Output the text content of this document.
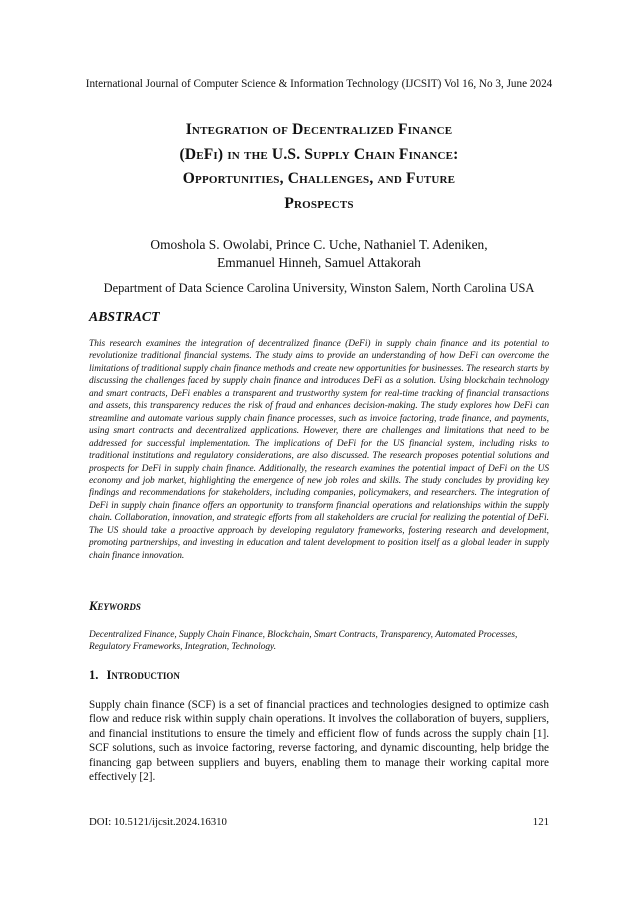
International Journal of Computer Science & Information Technology (IJCSIT) Vol 16, No 3, June 2024
Integration of Decentralized Finance
(DeFi) in the U.S. Supply Chain Finance:
Opportunities, Challenges, and Future
Prospects
Omoshola S. Owolabi, Prince C. Uche, Nathaniel T. Adeniken,
Emmanuel Hinneh, Samuel Attakorah
Department of Data Science Carolina University, Winston Salem, North Carolina USA
ABSTRACT
This research examines the integration of decentralized finance (DeFi) in supply chain finance and its potential to revolutionize traditional financial systems. The study aims to provide an understanding of how DeFi can overcome the limitations of traditional supply chain finance methods and create new opportunities for businesses. The research starts by discussing the challenges faced by supply chain finance and introduces DeFi as a solution. Using blockchain technology and smart contracts, DeFi enables a transparent and trustworthy system for real-time tracking of financial transactions and assets, this transparency reduces the risk of fraud and enhances decision-making. The study explores how DeFi can streamline and automate various supply chain finance processes, such as invoice factoring, trade finance, and payments, using smart contracts and decentralized applications. However, there are challenges and limitations that need to be addressed for successful implementation. The implications of DeFi for the US financial system, including risks to traditional institutions and regulatory considerations, are also discussed. The research proposes potential solutions and prospects for DeFi in supply chain finance. Additionally, the research examines the potential impact of DeFi on the US economy and job market, highlighting the emergence of new job roles and skills. The study concludes by providing key findings and recommendations for stakeholders, including companies, policymakers, and researchers. The integration of DeFi in supply chain finance offers an opportunity to transform financial operations and relationships within the supply chain. Collaboration, innovation, and strategic efforts from all stakeholders are crucial for realizing the potential of DeFi. The US should take a proactive approach by developing regulatory frameworks, fostering research and development, promoting partnerships, and investing in education and talent development to position itself as a global leader in supply chain finance innovation.
Keywords
Decentralized Finance, Supply Chain Finance, Blockchain, Smart Contracts, Transparency, Automated Processes, Regulatory Frameworks, Integration, Technology.
1. Introduction
Supply chain finance (SCF) is a set of financial practices and technologies designed to optimize cash flow and reduce risk within supply chain operations. It involves the collaboration of buyers, suppliers, and financial institutions to ensure the timely and efficient flow of funds across the supply chain [1]. SCF solutions, such as invoice factoring, reverse factoring, and dynamic discounting, help bridge the financing gap between suppliers and buyers, enabling them to manage their working capital more effectively [2].
DOI: 10.5121/ijcsit.2024.16310	121
